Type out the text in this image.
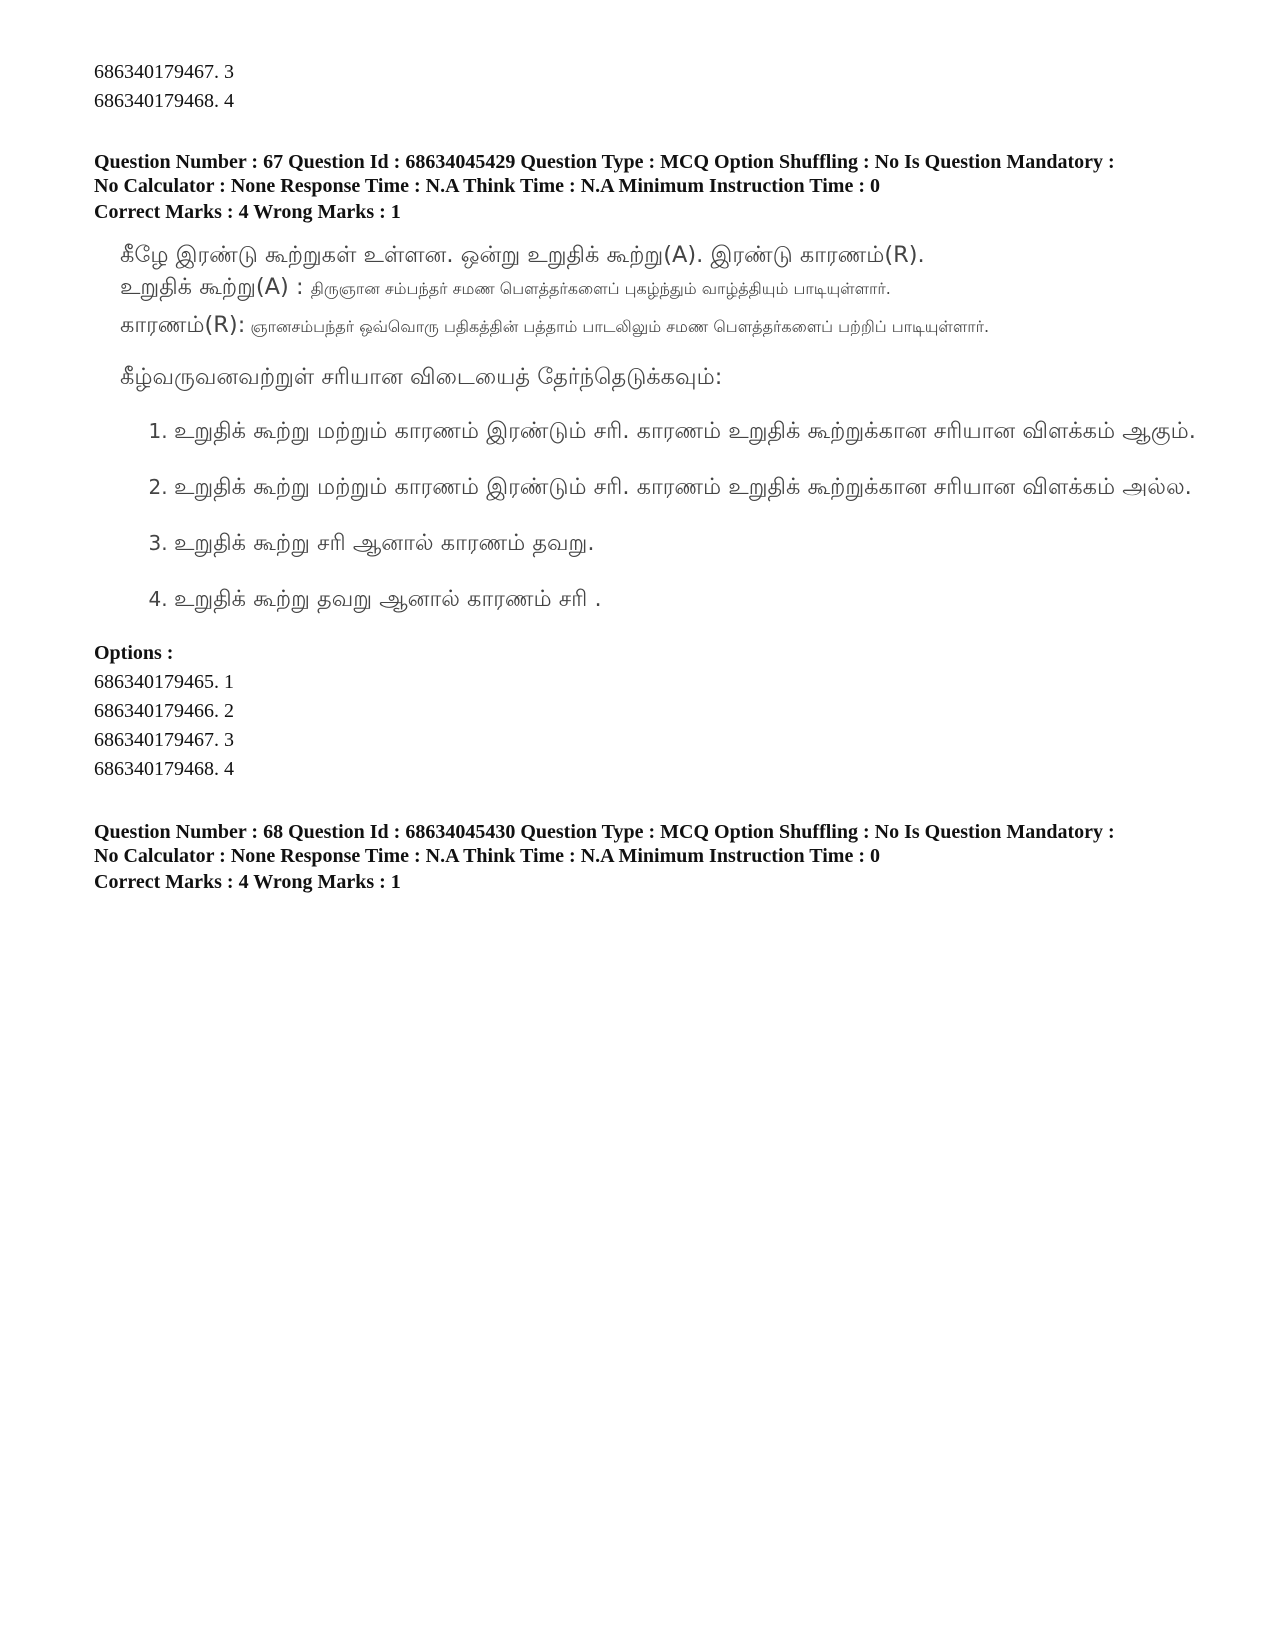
686340179467. 3
686340179468. 4
Question Number : 67 Question Id : 68634045429 Question Type : MCQ Option Shuffling : No Is Question Mandatory :
No Calculator : None Response Time : N.A Think Time : N.A Minimum Instruction Time : 0
Correct Marks : 4 Wrong Marks : 1
கீழே இரண்டு கூற்றுகள் உள்ளன. ஒன்று உறுதிக் கூற்று(A). இரண்டு காரணம்(R).
உறுதிக் கூற்று(A) : திருஞான சம்பந்தர் சமண பௌத்தர்களைப் புகழ்ந்தும் வாழ்த்தியும் பாடியுள்ளார்.
காரணம்(R): ஞானசம்பந்தர் ஒவ்வொரு பதிகத்தின் பத்தாம் பாடலிலும் சமண பௌத்தர்களைப் பற்றிப் பாடியுள்ளார்.
கீழ்வருவனவற்றுள் சரியான விடையைத் தேர்ந்தெடுக்கவும்:
1. உறுதிக் கூற்று மற்றும் காரணம் இரண்டும் சரி. காரணம் உறுதிக் கூற்றுக்கான சரியான விளக்கம் ஆகும்.
2. உறுதிக் கூற்று மற்றும் காரணம் இரண்டும் சரி. காரணம் உறுதிக் கூற்றுக்கான சரியான விளக்கம் அல்ல.
3. உறுதிக் கூற்று சரி ஆனால் காரணம் தவறு.
4. உறுதிக் கூற்று தவறு ஆனால் காரணம் சரி .
Options :
686340179465. 1
686340179466. 2
686340179467. 3
686340179468. 4
Question Number : 68 Question Id : 68634045430 Question Type : MCQ Option Shuffling : No Is Question Mandatory :
No Calculator : None Response Time : N.A Think Time : N.A Minimum Instruction Time : 0
Correct Marks : 4 Wrong Marks : 1
